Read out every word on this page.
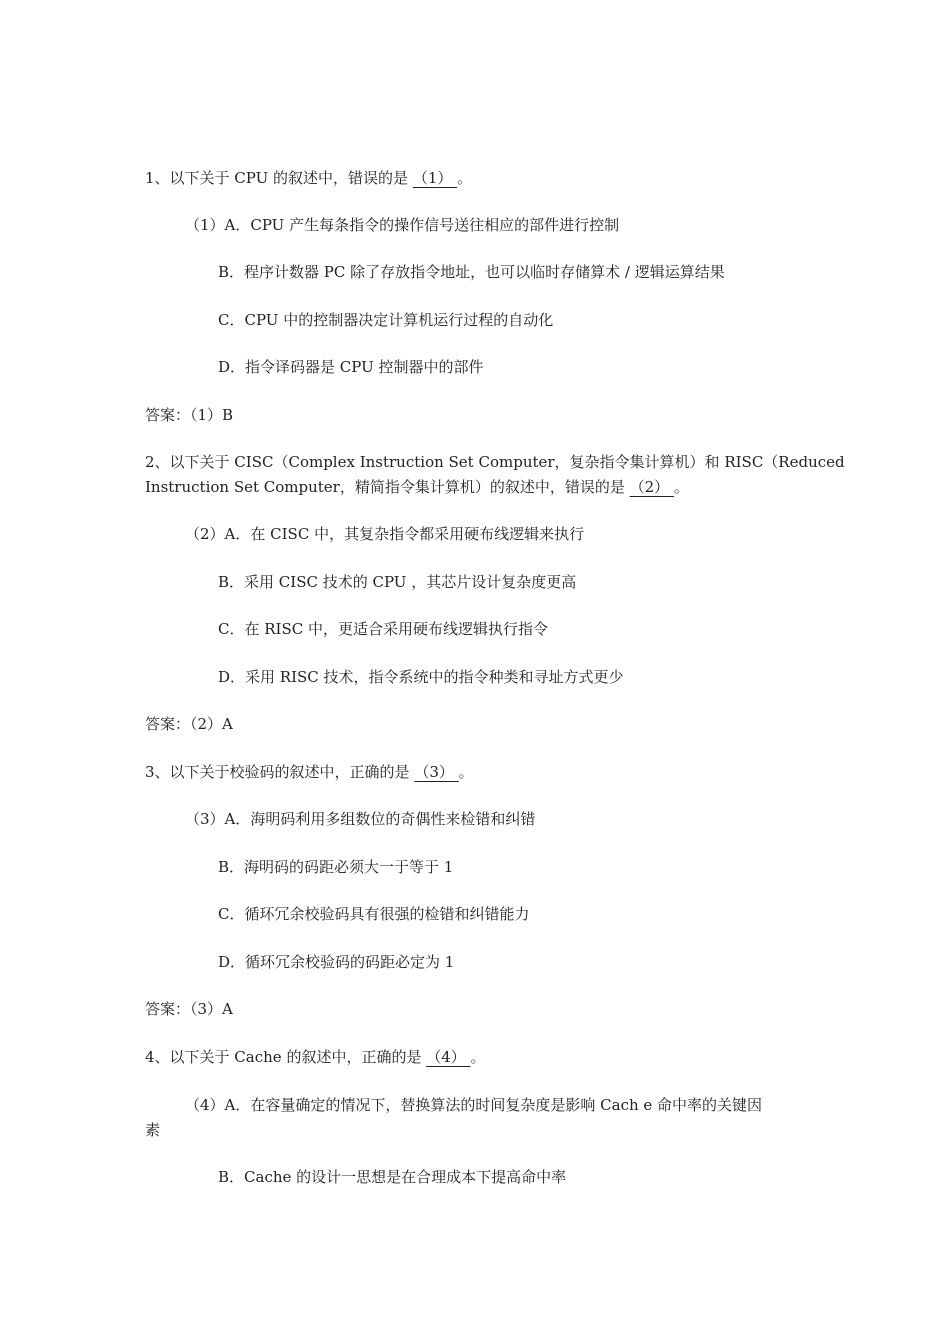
1、以下关于 CPU 的叙述中，错误的是 （1） 。
（1）A．CPU 产生每条指令的操作信号送往相应的部件进行控制
B．程序计数器 PC 除了存放指令地址，也可以临时存储算术 / 逻辑运算结果
C．CPU 中的控制器决定计算机运行过程的自动化
D．指令译码器是 CPU 控制器中的部件
答案：（1）B
2、以下关于 CISC（Complex Instruction Set Computer，复杂指令集计算机）和 RISC（Reduced
Instruction Set Computer，精简指令集计算机）的叙述中，错误的是 （2） 。
（2）A．在 CISC 中，其复杂指令都采用硬布线逻辑来执行
B．采用 CISC 技术的 CPU ，其芯片设计复杂度更高
C．在 RISC 中，更适合采用硬布线逻辑执行指令
D．采用 RISC 技术，指令系统中的指令种类和寻址方式更少
答案：（2）A
3、以下关于校验码的叙述中，正确的是 （3） 。
（3）A．海明码利用多组数位的奇偶性来检错和纠错
B．海明码的码距必须大一于等于 1
C．循环冗余校验码具有很强的检错和纠错能力
D．循环冗余校验码的码距必定为 1
答案：（3）A
4、以下关于 Cache 的叙述中，正确的是 （4） 。
（4）A．在容量确定的情况下，替换算法的时间复杂度是影响 Cach e 命中率的关键因
素
B．Cache 的设计一思想是在合理成本下提高命中率
